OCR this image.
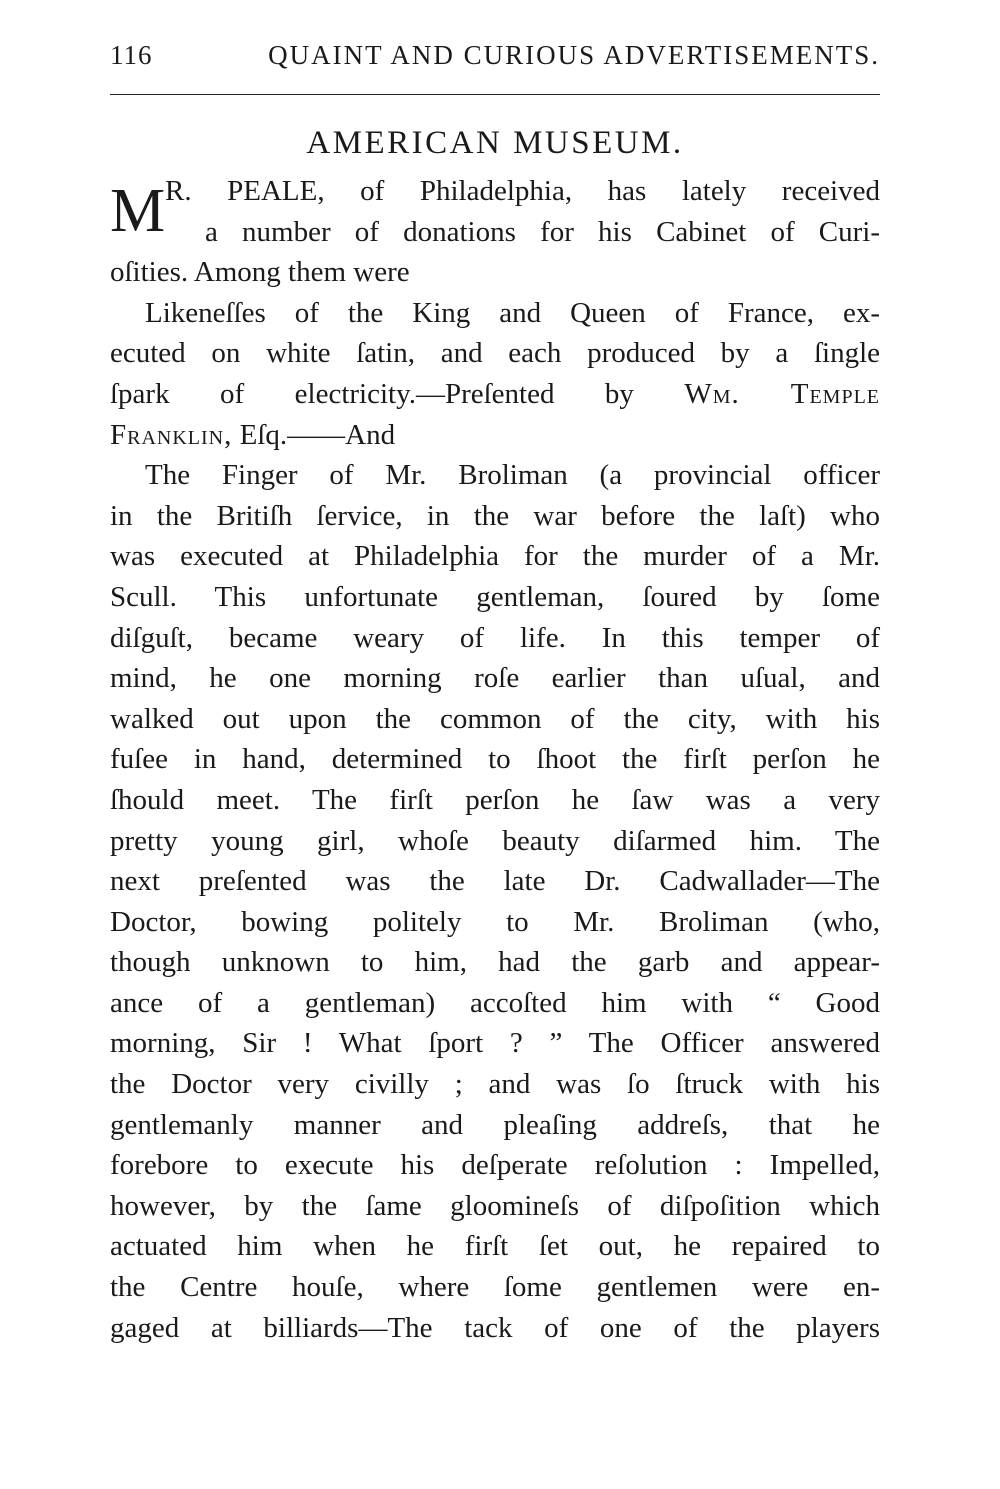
116	QUAINT AND CURIOUS ADVERTISEMENTS.
AMERICAN MUSEUM.
M R. PEALE, of Philadelphia, has lately received
a number of donations for his Cabinet of Curi-
oſities. Among them were
Likeneſſes of the King and Queen of France, ex-
ecuted on white ſatin, and each produced by a ſingle
ſpark of electricity.—Preſented by Wm. Temple
Franklin, Eſq.——And
The Finger of Mr. Broliman (a provincial officer
in the Britiſh ſervice, in the war before the laſt) who
was executed at Philadelphia for the murder of a Mr.
Scull. This unfortunate gentleman, ſoured by ſome
diſguſt, became weary of life. In this temper of
mind, he one morning roſe earlier than uſual, and
walked out upon the common of the city, with his
fuſee in hand, determined to ſhoot the firſt perſon he
ſhould meet. The firſt perſon he ſaw was a very
pretty young girl, whoſe beauty diſarmed him. The
next preſented was the late Dr. Cadwallader—The
Doctor, bowing politely to Mr. Broliman (who,
though unknown to him, had the garb and appear-
ance of a gentleman) accoſted him with “ Good
morning, Sir ! What ſport ? ” The Officer answered
the Doctor very civilly ; and was ſo ſtruck with his
gentlemanly manner and pleaſing addreſs, that he
forebore to execute his deſperate reſolution : Impelled,
however, by the ſame gloomineſs of diſpoſition which
actuated him when he firſt ſet out, he repaired to
the Centre houſe, where ſome gentlemen were en-
gaged at billiards—The tack of one of the players
